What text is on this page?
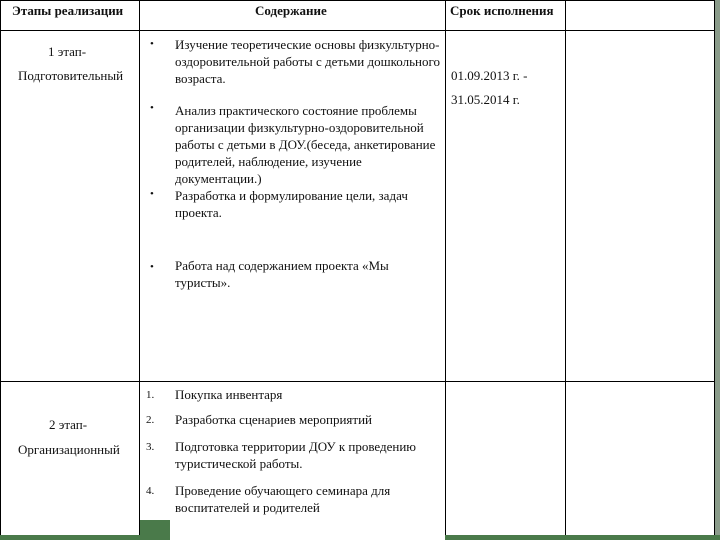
Этапы реализации	Содержание	Срок исполнения
1 этап-
Подготовительный
• Изучение теоретические основы физкультурно-оздоровительной работы с детьми дошкольного возраста.
• Анализ практического состояние проблемы организации физкультурно-оздоровительной работы с детьми в ДОУ.(беседа, анкетирование родителей, наблюдение, изучение документации.)
• Разработка и формулирование цели, задач проекта.
• Работа над содержанием проекта «Мы туристы».
01.09.2013 г. -
31.05.2014 г.
2 этап-
Организационный
1. Покупка инвентаря
2. Разработка сценариев мероприятий
3. Подготовка территории ДОУ к проведению туристической работы.
4. Проведение обучающего семинара для воспитателей и родителей
